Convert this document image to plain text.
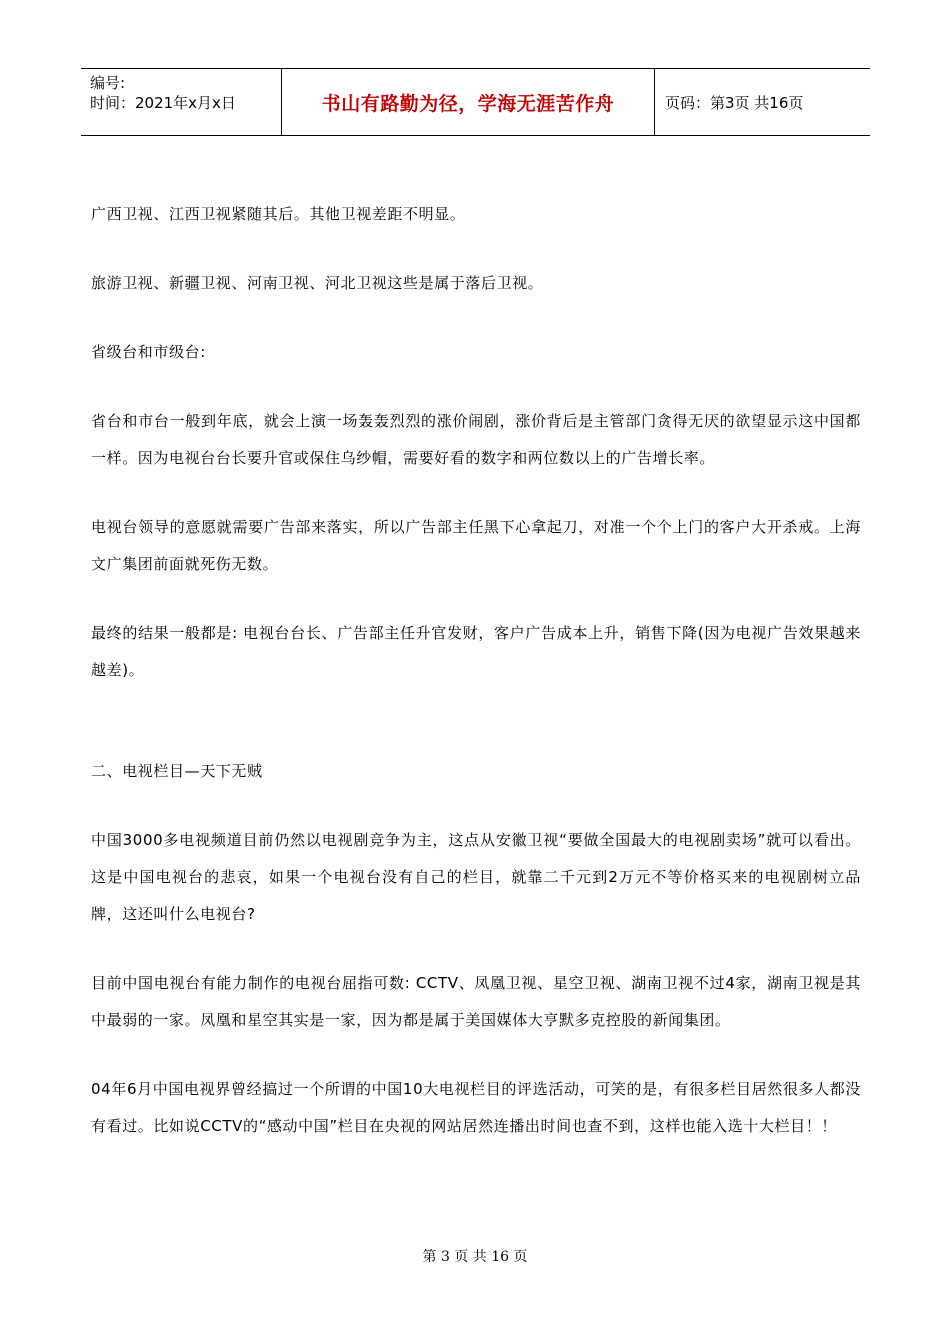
编号:
时间：2021年x月x日	书山有路勤为径，学海无涯苦作舟	页码：第3页 共16页

广西卫视、江西卫视紧随其后。其他卫视差距不明显。

旅游卫视、新疆卫视、河南卫视、河北卫视这些是属于落后卫视。

省级台和市级台:

省台和市台一般到年底，就会上演一场轰轰烈烈的涨价闹剧，涨价背后是主管部门贪得无厌的欲望显示这中国都一样。因为电视台台长要升官或保住乌纱帽，需要好看的数字和两位数以上的广告增长率。

电视台领导的意愿就需要广告部来落实，所以广告部主任黑下心拿起刀，对准一个个上门的客户大开杀戒。上海文广集团前面就死伤无数。

最终的结果一般都是: 电视台台长、广告部主任升官发财，客户广告成本上升，销售下降(因为电视广告效果越来越差)。

二、电视栏目—天下无贼

中国3000多电视频道目前仍然以电视剧竞争为主，这点从安徽卫视“要做全国最大的电视剧卖场”就可以看出。这是中国电视台的悲哀，如果一个电视台没有自己的栏目，就靠二千元到2万元不等价格买来的电视剧树立品牌，这还叫什么电视台?

目前中国电视台有能力制作的电视台屈指可数: CCTV、凤凰卫视、星空卫视、湖南卫视不过4家，湖南卫视是其中最弱的一家。凤凰和星空其实是一家，因为都是属于美国媒体大亨默多克控股的新闻集团。

04年6月中国电视界曾经搞过一个所谓的中国10大电视栏目的评选活动，可笑的是，有很多栏目居然很多人都没有看过。比如说CCTV的“感动中国”栏目在央视的网站居然连播出时间也查不到，这样也能入选十大栏目！！

第 3 页 共 16 页
